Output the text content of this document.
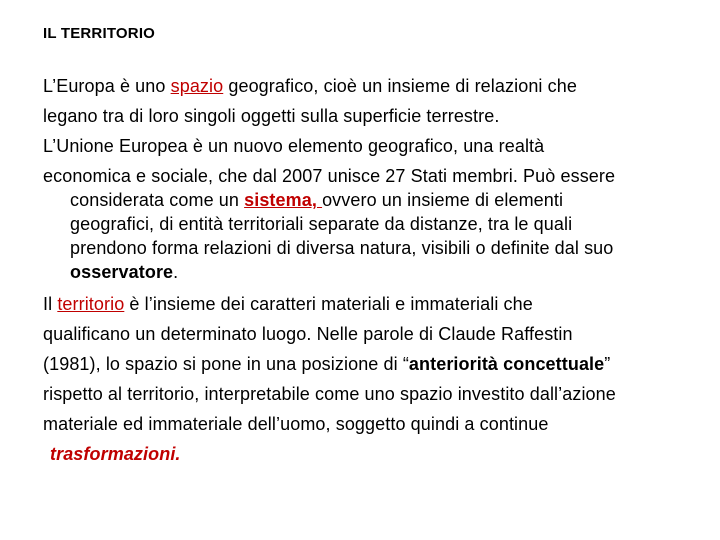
IL TERRITORIO
L’Europa è uno spazio geografico, cioè un insieme di relazioni che
legano tra di loro singoli oggetti sulla superficie terrestre.
L’Unione Europea è un nuovo elemento geografico, una realtà
economica e sociale, che dal 2007 unisce 27 Stati membri. Può essere
considerata come un sistema, ovvero un insieme di elementi
geografici, di entità territoriali separate da distanze, tra le quali
prendono forma relazioni di diversa natura, visibili o definite dal suo
osservatore.
Il territorio è l’insieme dei caratteri materiali e immateriali che
qualificano un determinato luogo. Nelle parole di Claude Raffestin
(1981), lo spazio si pone in una posizione di “anteriorità concettuale”
rispetto al territorio, interpretabile come uno spazio investito dall’azione
materiale ed immateriale dell’uomo, soggetto quindi a continue
trasformazioni.
